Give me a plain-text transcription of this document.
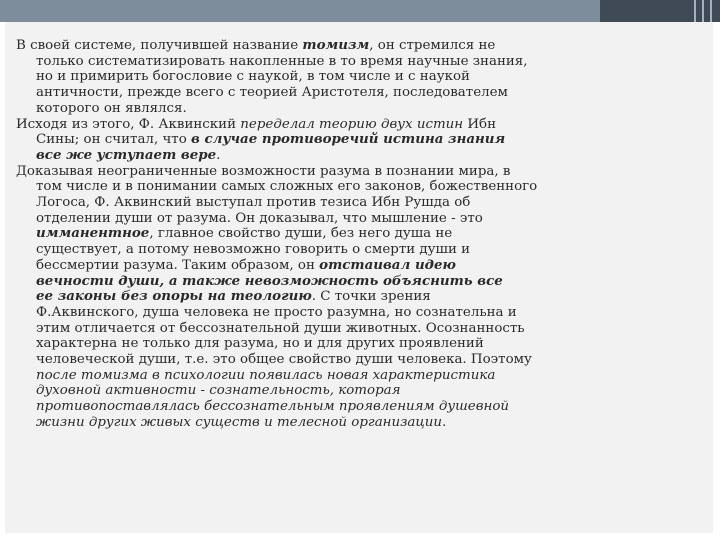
В своей системе, получившей название томизм, он стремился не
только систематизировать накопленные в то время научные знания,
но и примирить богословие с наукой, в том числе и с наукой
античности, прежде всего с теорией Аристотеля, последователем
которого он являлся.
Исходя из этого, Ф. Аквинский переделал теорию двух истин Ибн
Сины; он считал, что в случае противоречий истина знания
все же уступает вере.
Доказывая неограниченные возможности разума в познании мира, в
том числе и в понимании самых сложных его законов, божественного
Логоса, Ф. Аквинский выступал против тезиса Ибн Рушда об
отделении души от разума. Он доказывал, что мышление - это
имманентное, главное свойство души, без него душа не
существует, а потому невозможно говорить о смерти души и
бессмертии разума. Таким образом, он отстаивал идею
вечности души, а также невозможность объяснить все
ее законы без опоры на теологию. С точки зрения
Ф.Аквинского, душа человека не просто разумна, но сознательна и
этим отличается от бессознательной души животных. Осознанность
характерна не только для разума, но и для других проявлений
человеческой души, т.е. это общее свойство души человека. Поэтому
после томизма в психологии появилась новая характеристика
духовной активности - сознательность, которая
противопоставлялась бессознательным проявлениям душевной
жизни других живых существ и телесной организации.
